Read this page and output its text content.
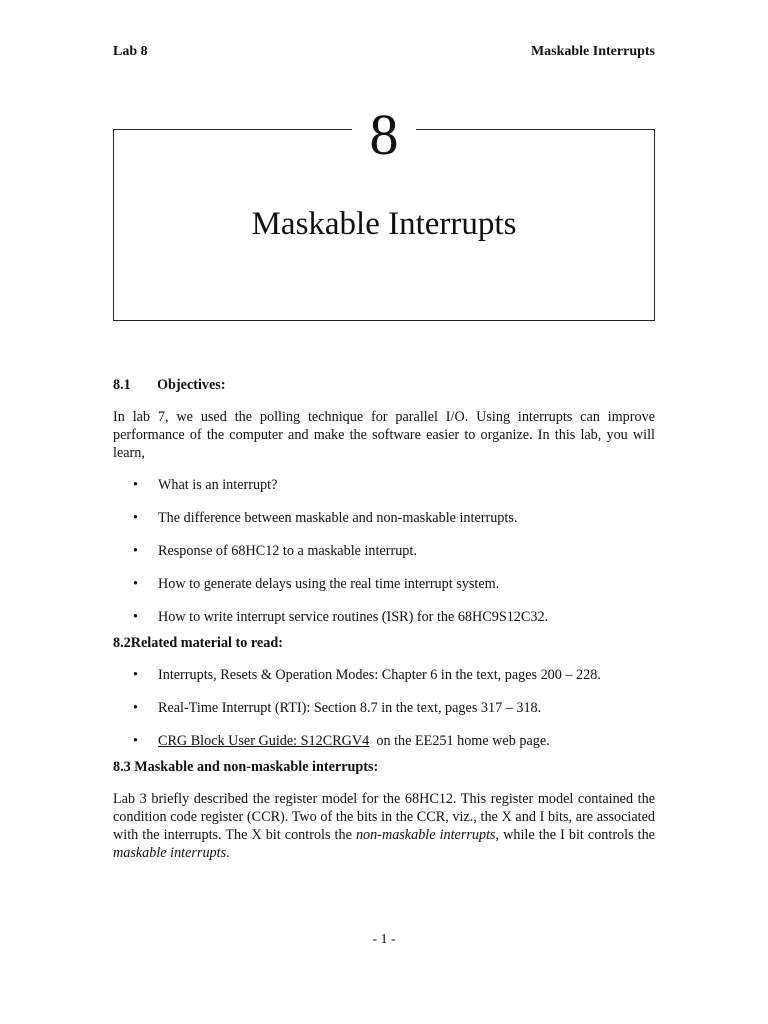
Lab 8	Maskable Interrupts
8
Maskable Interrupts
8.1 Objectives:

In lab 7, we used the polling technique for parallel I/O. Using interrupts can improve performance of the computer and make the software easier to organize. In this lab, you will learn,

• What is an interrupt?
• The difference between maskable and non-maskable interrupts.
• Response of 68HC12 to a maskable interrupt.
• How to generate delays using the real time interrupt system.
• How to write interrupt service routines (ISR) for the 68HC9S12C32.
8.2Related material to read:
• Interrupts, Resets & Operation Modes: Chapter 6 in the text, pages 200 – 228.
• Real-Time Interrupt (RTI): Section 8.7 in the text, pages 317 – 318.
• CRG Block User Guide: S12CRGV4  on the EE251 home web page.
8.3 Maskable and non-maskable interrupts:

Lab 3 briefly described the register model for the 68HC12. This register model contained the condition code register (CCR). Two of the bits in the CCR, viz., the X and I bits, are associated with the interrupts. The X bit controls the non-maskable interrupts, while the I bit controls the maskable interrupts.

- 1 -
